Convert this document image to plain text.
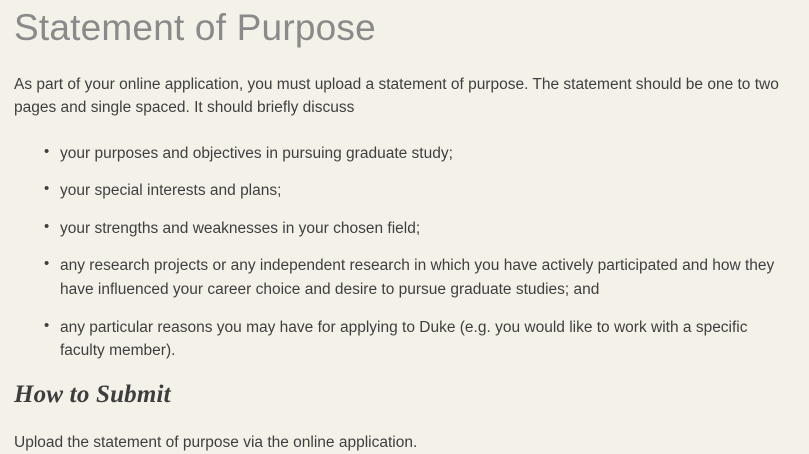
Statement of Purpose

As part of your online application, you must upload a statement of purpose. The statement should be one to two pages and single spaced. It should briefly discuss

• your purposes and objectives in pursuing graduate study;
• your special interests and plans;
• your strengths and weaknesses in your chosen field;
• any research projects or any independent research in which you have actively participated and how they have influenced your career choice and desire to pursue graduate studies; and
• any particular reasons you may have for applying to Duke (e.g. you would like to work with a specific faculty member).
How to Submit

Upload the statement of purpose via the online application.
